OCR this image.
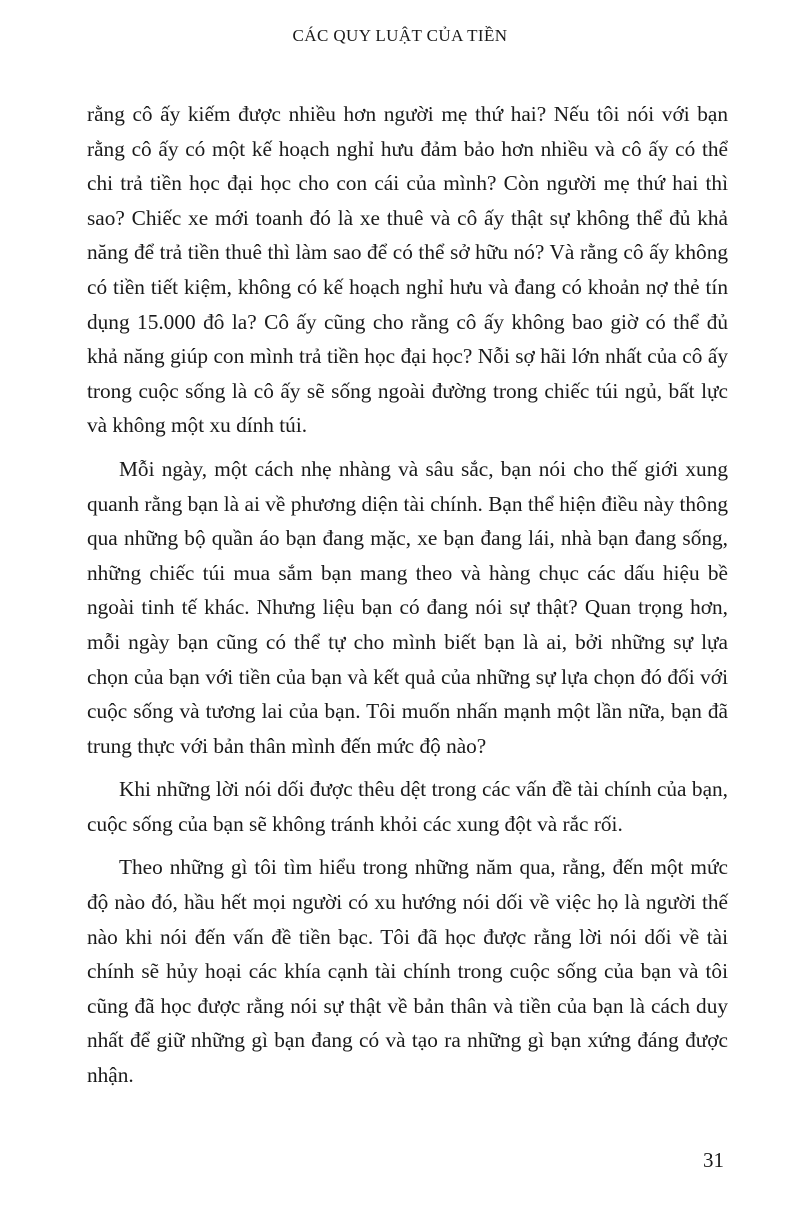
CÁC QUY LUẬT CỦA TIỀN

rằng cô ấy kiếm được nhiều hơn người mẹ thứ hai? Nếu tôi nói với bạn rằng cô ấy có một kế hoạch nghỉ hưu đảm bảo hơn nhiều và cô ấy có thể chi trả tiền học đại học cho con cái của mình? Còn người mẹ thứ hai thì sao? Chiếc xe mới toanh đó là xe thuê và cô ấy thật sự không thể đủ khả năng để trả tiền thuê thì làm sao để có thể sở hữu nó? Và rằng cô ấy không có tiền tiết kiệm, không có kế hoạch nghỉ hưu và đang có khoản nợ thẻ tín dụng 15.000 đô la? Cô ấy cũng cho rằng cô ấy không bao giờ có thể đủ khả năng giúp con mình trả tiền học đại học? Nỗi sợ hãi lớn nhất của cô ấy trong cuộc sống là cô ấy sẽ sống ngoài đường trong chiếc túi ngủ, bất lực và không một xu dính túi.

Mỗi ngày, một cách nhẹ nhàng và sâu sắc, bạn nói cho thế giới xung quanh rằng bạn là ai về phương diện tài chính. Bạn thể hiện điều này thông qua những bộ quần áo bạn đang mặc, xe bạn đang lái, nhà bạn đang sống, những chiếc túi mua sắm bạn mang theo và hàng chục các dấu hiệu bề ngoài tinh tế khác. Nhưng liệu bạn có đang nói sự thật? Quan trọng hơn, mỗi ngày bạn cũng có thể tự cho mình biết bạn là ai, bởi những sự lựa chọn của bạn với tiền của bạn và kết quả của những sự lựa chọn đó đối với cuộc sống và tương lai của bạn. Tôi muốn nhấn mạnh một lần nữa, bạn đã trung thực với bản thân mình đến mức độ nào?

Khi những lời nói dối được thêu dệt trong các vấn đề tài chính của bạn, cuộc sống của bạn sẽ không tránh khỏi các xung đột và rắc rối.

Theo những gì tôi tìm hiểu trong những năm qua, rằng, đến một mức độ nào đó, hầu hết mọi người có xu hướng nói dối về việc họ là người thế nào khi nói đến vấn đề tiền bạc. Tôi đã học được rằng lời nói dối về tài chính sẽ hủy hoại các khía cạnh tài chính trong cuộc sống của bạn và tôi cũng đã học được rằng nói sự thật về bản thân và tiền của bạn là cách duy nhất để giữ những gì bạn đang có và tạo ra những gì bạn xứng đáng được nhận.

31
